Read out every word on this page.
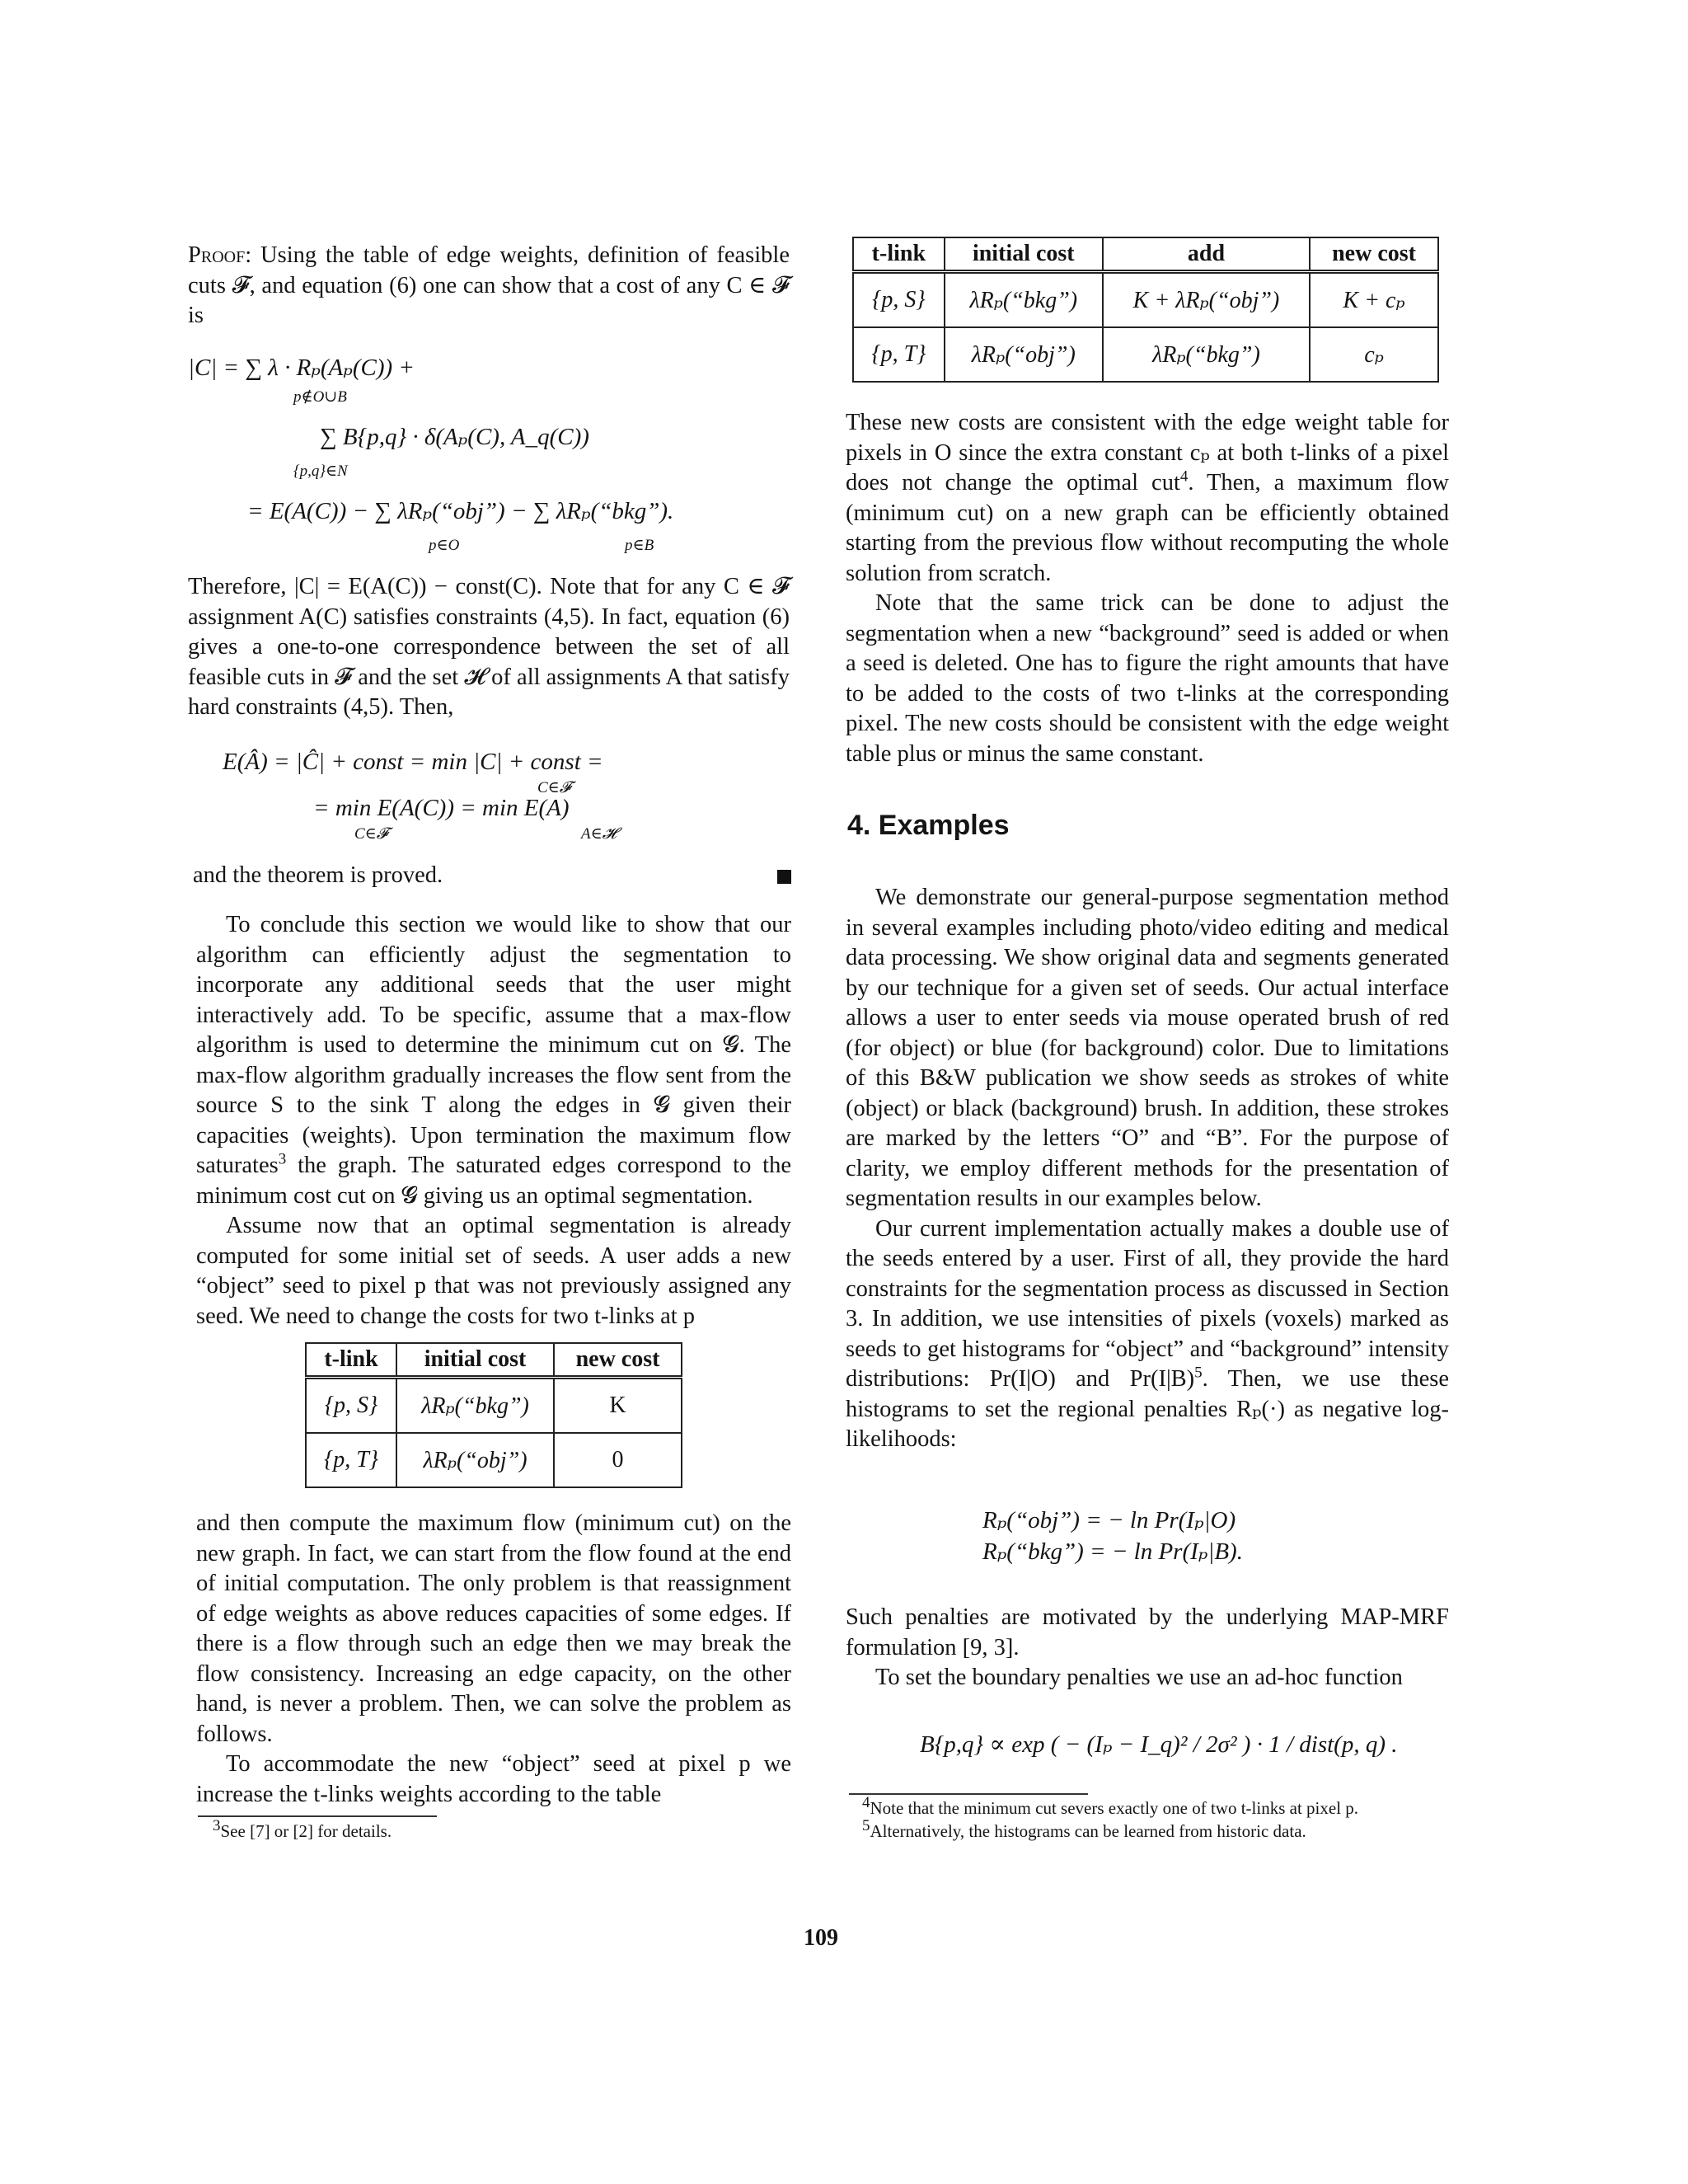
Proof: Using the table of edge weights, definition of feasible cuts 𝓕, and equation (6) one can show that a cost of any C ∈ 𝓕 is

|C| = ∑ λ · Rₚ(Aₚ(C)) +
p∉O∪B
∑ B{p,q} · δ(Aₚ(C), A_q(C))
{p,q}∈N
= E(A(C)) − ∑ λRₚ(“obj”) − ∑ λRₚ(“bkg”).
p∈O	p∈B

Therefore, |C| = E(A(C)) − const(C). Note that for any C ∈ 𝓕 assignment A(C) satisfies constraints (4,5). In fact, equation (6) gives a one-to-one correspondence between the set of all feasible cuts in 𝓕 and the set 𝓗 of all assignments A that satisfy hard constraints (4,5). Then,

E(Â) = |Ĉ| + const = min |C| + const =
C∈𝓕
= min E(A(C)) = min E(A)
C∈𝓕	A∈𝓗

and the theorem is proved.

To conclude this section we would like to show that our algorithm can efficiently adjust the segmentation to incorporate any additional seeds that the user might interactively add. To be specific, assume that a max-flow algorithm is used to determine the minimum cut on 𝓖. The max-flow algorithm gradually increases the flow sent from the source S to the sink T along the edges in 𝓖 given their capacities (weights). Upon termination the maximum flow saturates$^3$ the graph. The saturated edges correspond to the minimum cost cut on 𝓖 giving us an optimal segmentation.

Assume now that an optimal segmentation is already computed for some initial set of seeds. A user adds a new “object” seed to pixel p that was not previously assigned any seed. We need to change the costs for two t-links at p

t-link	initial cost	new cost
{p, S}	λRₚ(“bkg”)	K
{p, T}	λRₚ(“obj”)	0

and then compute the maximum flow (minimum cut) on the new graph. In fact, we can start from the flow found at the end of initial computation. The only problem is that reassignment of edge weights as above reduces capacities of some edges. If there is a flow through such an edge then we may break the flow consistency. Increasing an edge capacity, on the other hand, is never a problem. Then, we can solve the problem as follows.

To accommodate the new “object” seed at pixel p we increase the t-links weights according to the table

$^3$See [7] or [2] for details.
t-link	initial cost	add	new cost
{p, S}	λRₚ(“bkg”)	K + λRₚ(“obj”)	K + cₚ
{p, T}	λRₚ(“obj”)	λRₚ(“bkg”)	cₚ

These new costs are consistent with the edge weight table for pixels in O since the extra constant cₚ at both t-links of a pixel does not change the optimal cut$^4$. Then, a maximum flow (minimum cut) on a new graph can be efficiently obtained starting from the previous flow without recomputing the whole solution from scratch.

Note that the same trick can be done to adjust the segmentation when a new “background” seed is added or when a seed is deleted. One has to figure the right amounts that have to be added to the costs of two t-links at the corresponding pixel. The new costs should be consistent with the edge weight table plus or minus the same constant.

4. Examples

We demonstrate our general-purpose segmentation method in several examples including photo/video editing and medical data processing. We show original data and segments generated by our technique for a given set of seeds. Our actual interface allows a user to enter seeds via mouse operated brush of red (for object) or blue (for background) color. Due to limitations of this B&W publication we show seeds as strokes of white (object) or black (background) brush. In addition, these strokes are marked by the letters “O” and “B”. For the purpose of clarity, we employ different methods for the presentation of segmentation results in our examples below.

Our current implementation actually makes a double use of the seeds entered by a user. First of all, they provide the hard constraints for the segmentation process as discussed in Section 3. In addition, we use intensities of pixels (voxels) marked as seeds to get histograms for “object” and “background” intensity distributions: Pr(I|O) and $Pr(I|B)^5$. Then, we use these histograms to set the regional penalties Rₚ(·) as negative log-likelihoods:

Rₚ(“obj”) = − ln Pr(Iₚ|O)
Rₚ(“bkg”) = − ln Pr(Iₚ|B).

Such penalties are motivated by the underlying MAP-MRF formulation [9, 3].

To set the boundary penalties we use an ad-hoc function

B{p,q} ∝ exp ( − (Iₚ − I_q)² / 2σ² ) · 1 / dist(p, q) .
$^4$Note that the minimum cut severs exactly one of two t-links at pixel p.
$^5$Alternatively, the histograms can be learned from historic data.
109
